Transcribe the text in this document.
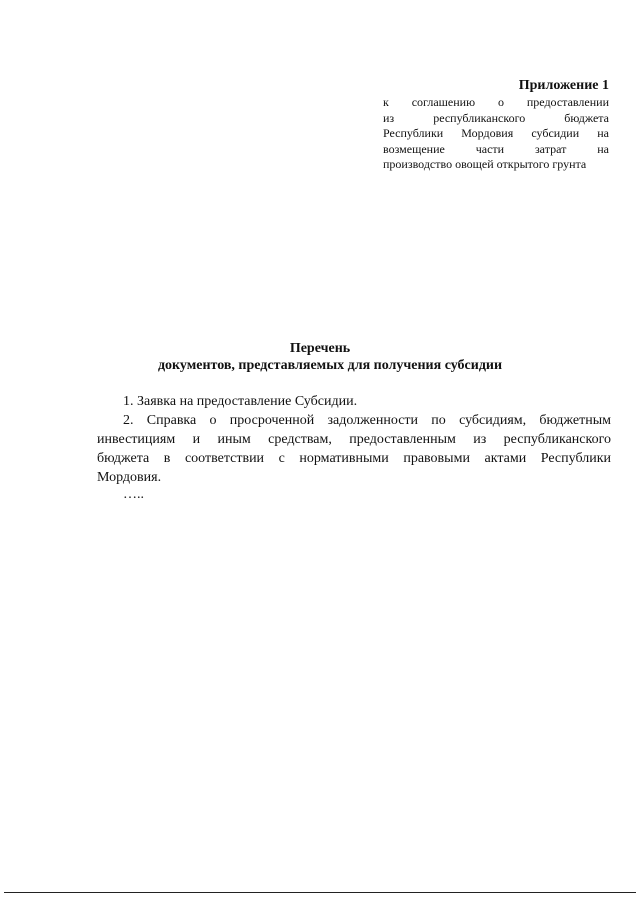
Приложение 1
к соглашению о предоставлении
из республиканского бюджета
Республики Мордовия субсидии на
возмещение части затрат на
производство овощей открытого грунта
Перечень
документов, представляемых для получения субсидии
1. Заявка на предоставление Субсидии.
2. Справка о просроченной задолженности по субсидиям, бюджетным
инвестициям и иным средствам, предоставленным из республиканского
бюджета в соответствии с нормативными правовыми актами Республики
Мордовия.
…..
